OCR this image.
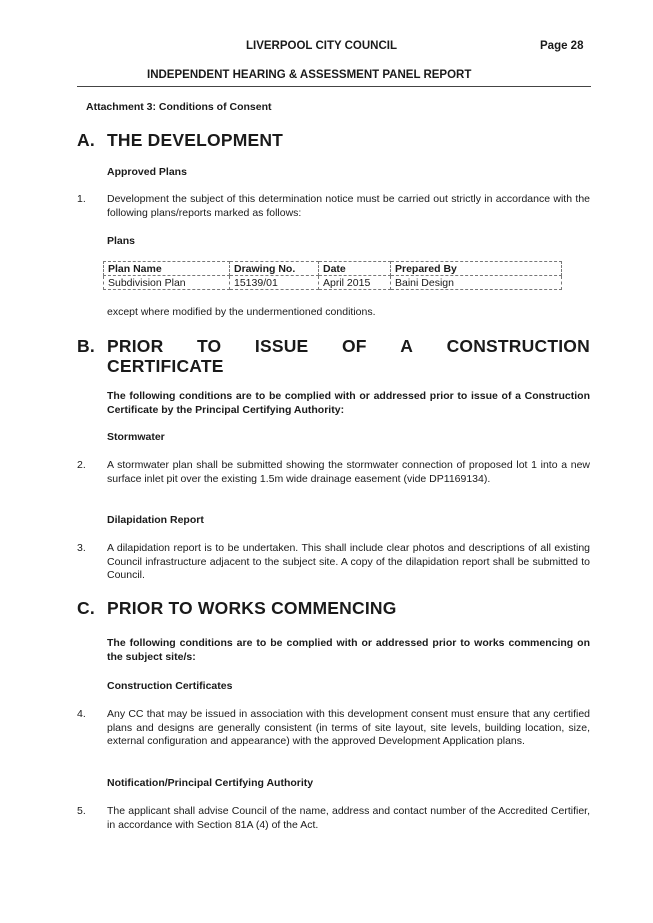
LIVERPOOL CITY COUNCIL	Page 28
INDEPENDENT HEARING & ASSESSMENT PANEL REPORT
Attachment 3: Conditions of Consent
A. THE DEVELOPMENT
Approved Plans
1. Development the subject of this determination notice must be carried out strictly in accordance with the following plans/reports marked as follows:
Plans
Plan Name	Drawing No.	Date	Prepared By
Subdivision Plan	15139/01	April 2015	Baini Design
except where modified by the undermentioned conditions.
B. PRIOR TO ISSUE OF A CONSTRUCTION
CERTIFICATE
The following conditions are to be complied with or addressed prior to issue of a Construction Certificate by the Principal Certifying Authority:
Stormwater
2. A stormwater plan shall be submitted showing the stormwater connection of proposed lot 1 into a new surface inlet pit over the existing 1.5m wide drainage easement (vide DP1169134).
Dilapidation Report
3. A dilapidation report is to be undertaken. This shall include clear photos and descriptions of all existing Council infrastructure adjacent to the subject site. A copy of the dilapidation report shall be submitted to Council.
C. PRIOR TO WORKS COMMENCING
The following conditions are to be complied with or addressed prior to works commencing on the subject site/s:
Construction Certificates
4. Any CC that may be issued in association with this development consent must ensure that any certified plans and designs are generally consistent (in terms of site layout, site levels, building location, size, external configuration and appearance) with the approved Development Application plans.
Notification/Principal Certifying Authority
5. The applicant shall advise Council of the name, address and contact number of the Accredited Certifier, in accordance with Section 81A (4) of the Act.
